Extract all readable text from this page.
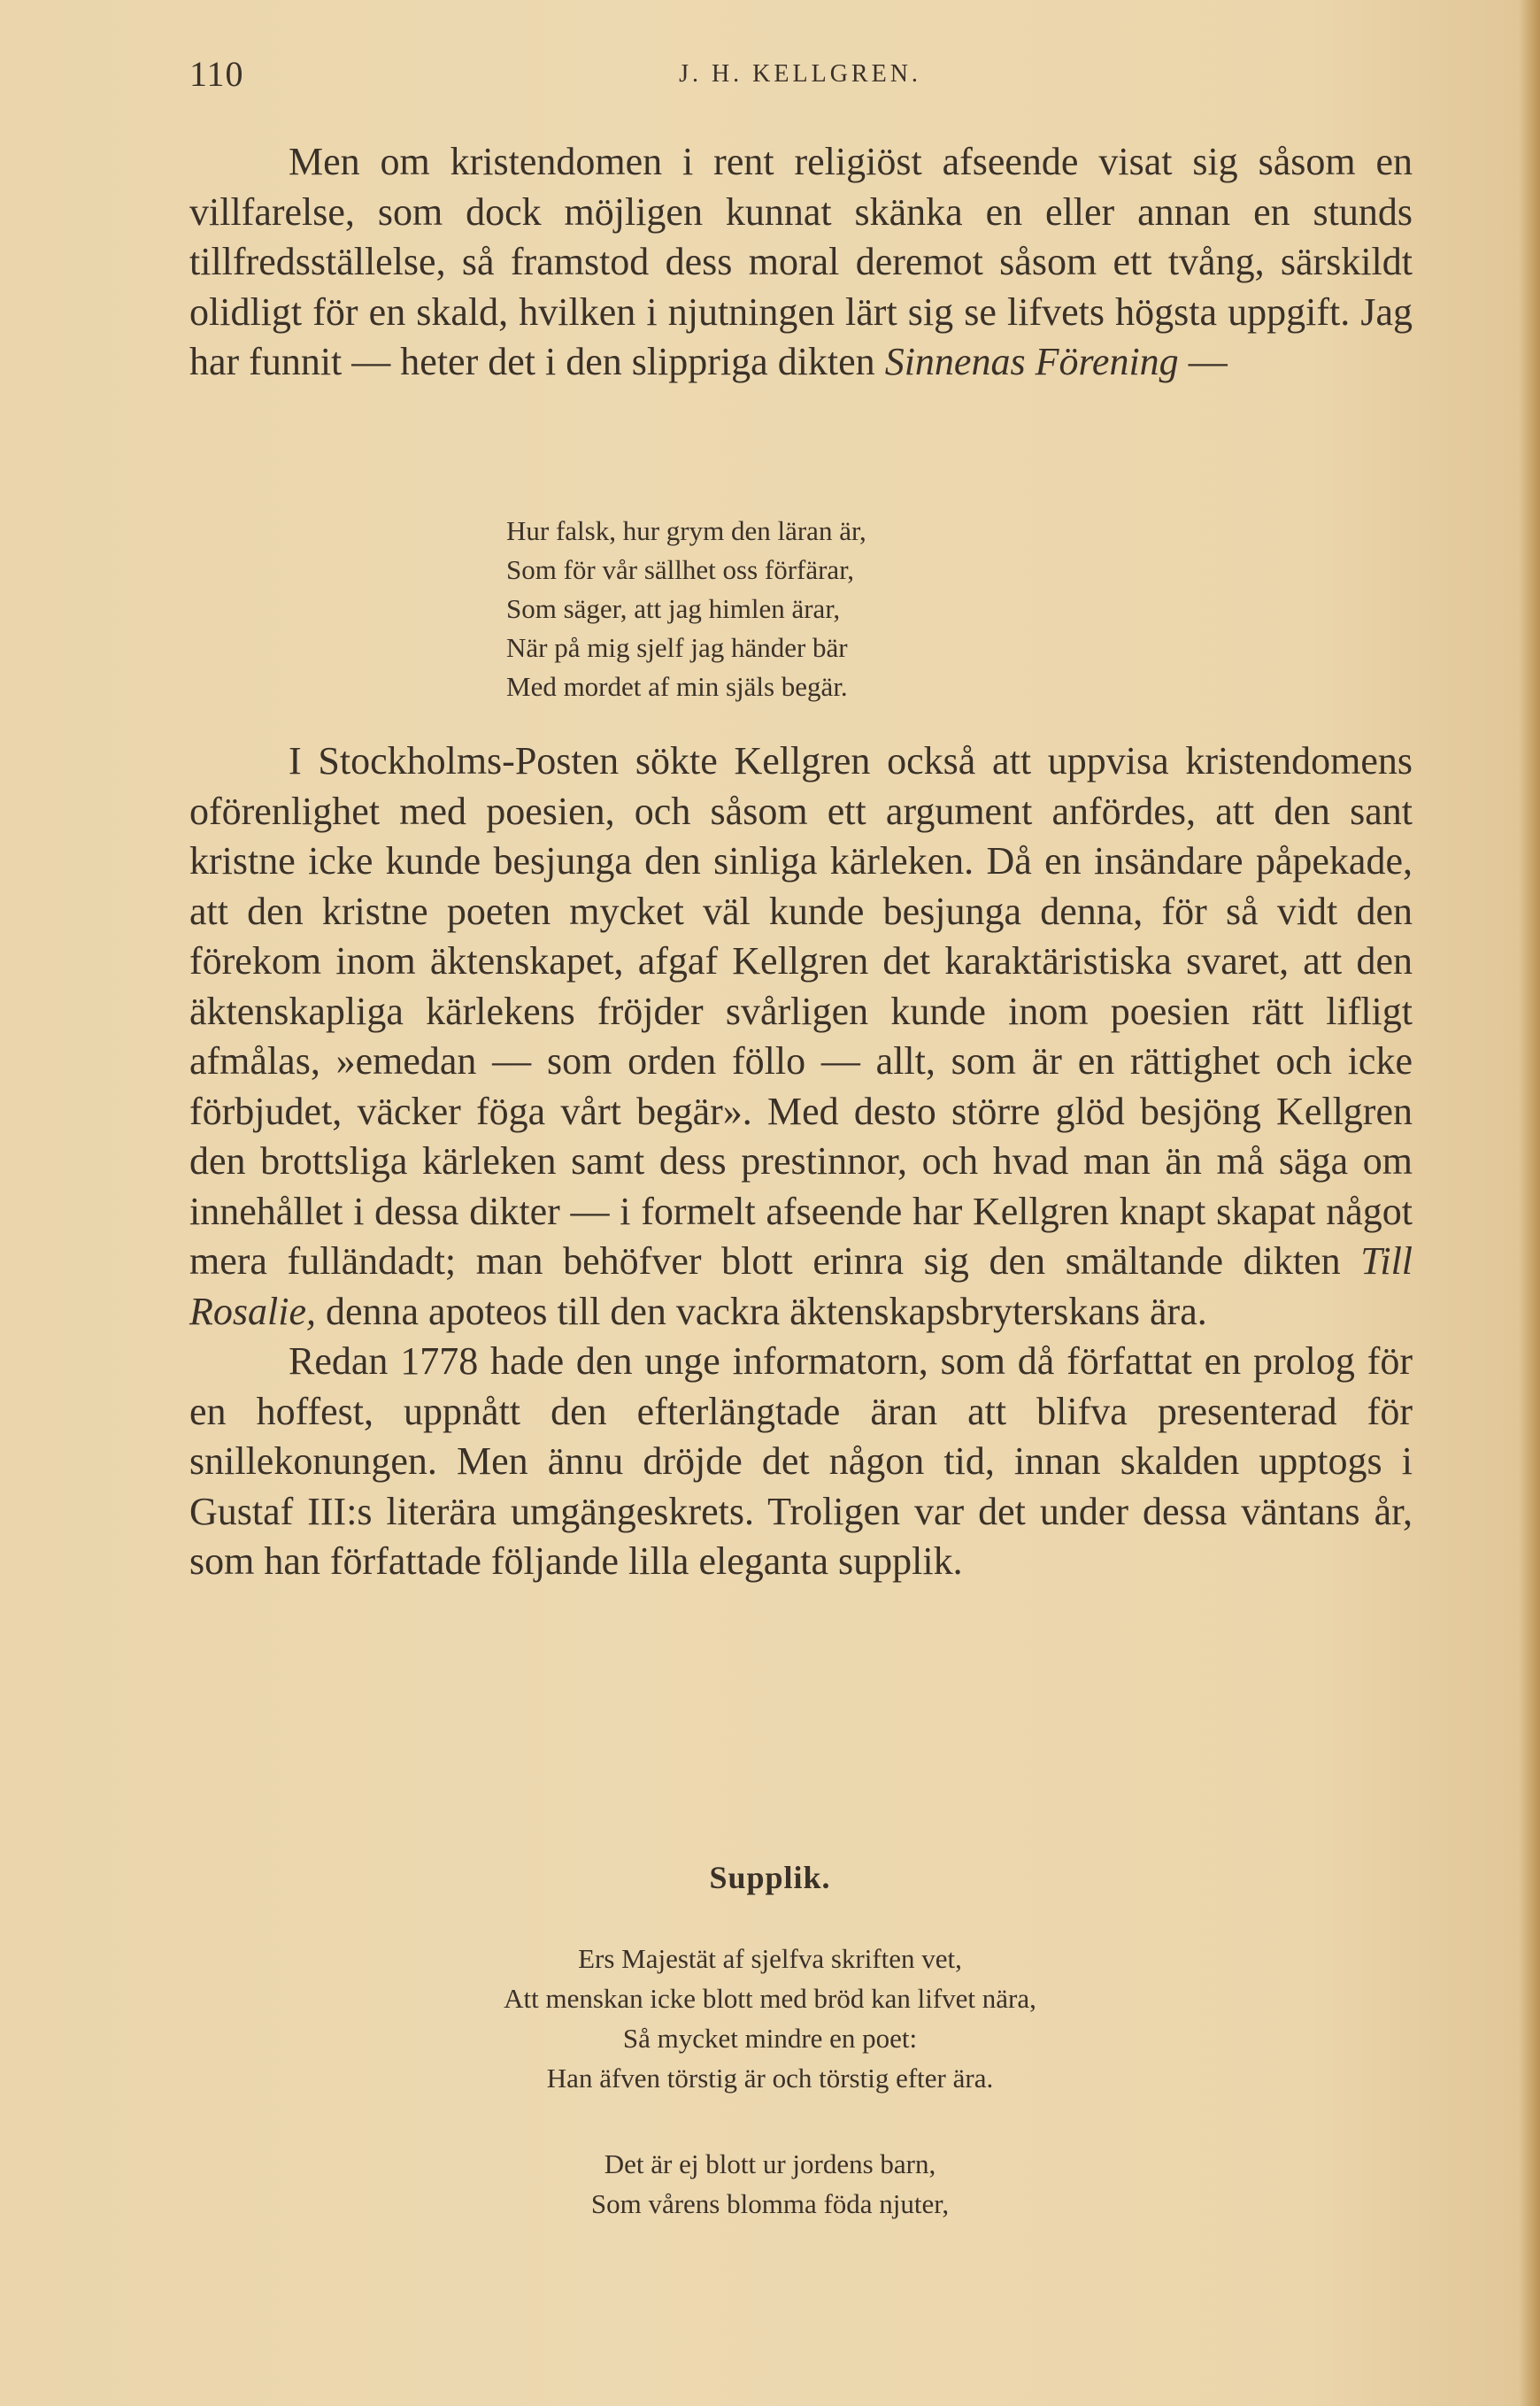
110	J. H. KELLGREN.

Men om kristendomen i rent religiöst afseende visat sig såsom en villfarelse, som dock möjligen kunnat skänka en eller annan en stunds tillfredsställelse, så framstod dess moral deremot såsom ett tvång, särskildt olidligt för en skald, hvilken i njutningen lärt sig se lifvets högsta uppgift. Jag har funnit — heter det i den slippriga dikten Sinnenas Förening —

Hur falsk, hur grym den läran är,
Som för vår sällhet oss förfärar,
Som säger, att jag himlen ärar,
När på mig sjelf jag händer bär
Med mordet af min själs begär.

I Stockholms-Posten sökte Kellgren också att uppvisa kristendomens oförenlighet med poesien, och såsom ett argument anfördes, att den sant kristne icke kunde besjunga den sinliga kärleken. Då en insändare påpekade, att den kristne poeten mycket väl kunde besjunga denna, för så vidt den förekom inom äktenskapet, afgaf Kellgren det karaktäristiska svaret, att den äktenskapliga kärlekens fröjder svårligen kunde inom poesien rätt lifligt afmålas, »emedan — som orden föllo — allt, som är en rättighet och icke förbjudet, väcker föga vårt begär». Med desto större glöd besjöng Kellgren den brottsliga kärleken samt dess prestinnor, och hvad man än må säga om innehållet i dessa dikter — i formelt afseende har Kellgren knapt skapat något mera fulländadt; man behöfver blott erinra sig den smältande dikten Till Rosalie, denna apoteos till den vackra äktenskapsbryterskans ära.

Redan 1778 hade den unge informatorn, som då författat en prolog för en hoffest, uppnått den efterlängtade äran att blifva presenterad för snillekonungen. Men ännu dröjde det någon tid, innan skalden upptogs i Gustaf III:s literära umgängeskrets. Troligen var det under dessa väntans år, som han författade följande lilla eleganta supplik.

Supplik.
Ers Majestät af sjelfva skriften vet,
Att menskan icke blott med bröd kan lifvet nära,
Så mycket mindre en poet:
Han äfven törstig är och törstig efter ära.
Det är ej blott ur jordens barn,
Som vårens blomma föda njuter,
